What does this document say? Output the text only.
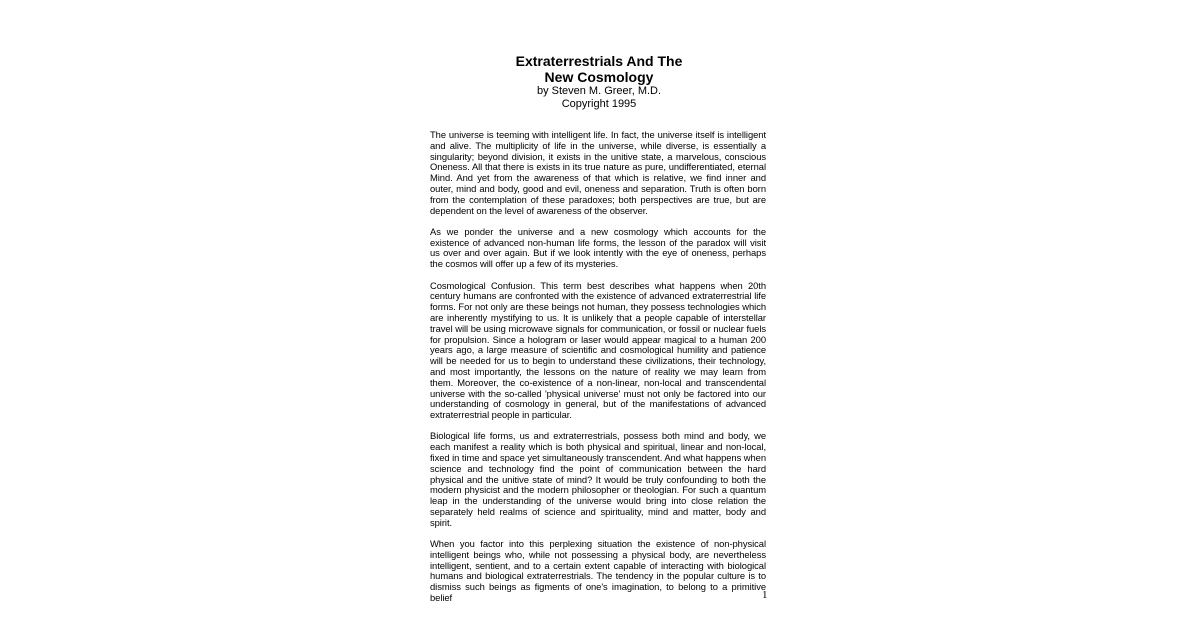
Extraterrestrials And The

New Cosmology

by Steven M. Greer, M.D.

Copyright 1995

The universe is teeming with intelligent life. In fact, the universe itself is intelligent and alive. The multiplicity of life in the universe, while diverse, is essentially a singularity; beyond division, it exists in the unitive state, a marvelous, conscious Oneness. All that there is exists in its true nature as pure, undifferentiated, eternal Mind. And yet from the awareness of that which is relative, we find inner and outer, mind and body, good and evil, oneness and separation. Truth is often born from the contemplation of these paradoxes; both perspectives are true, but are dependent on the level of awareness of the observer.

As we ponder the universe and a new cosmology which accounts for the existence of advanced non-human life forms, the lesson of the paradox will visit us over and over again. But if we look intently with the eye of oneness, perhaps the cosmos will offer up a few of its mysteries.

Cosmological Confusion. This term best describes what happens when 20th century humans are confronted with the existence of advanced extraterrestrial life forms. For not only are these beings not human, they possess technologies which are inherently mystifying to us. It is unlikely that a people capable of interstellar travel will be using microwave signals for communication, or fossil or nuclear fuels for propulsion. Since a hologram or laser would appear magical to a human 200 years ago, a large measure of scientific and cosmological humility and patience will be needed for us to begin to understand these civilizations, their technology, and most importantly, the lessons on the nature of reality we may learn from them. Moreover, the co-existence of a non-linear, non-local and transcendental universe with the so-called 'physical universe' must not only be factored into our understanding of cosmology in general, but of the manifestations of advanced extraterrestrial people in particular.

Biological life forms, us and extraterrestrials, possess both mind and body, we each manifest a reality which is both physical and spiritual, linear and non-local, fixed in time and space yet simultaneously transcendent. And what happens when science and technology find the point of communication between the hard physical and the unitive state of mind? It would be truly confounding to both the modern physicist and the modern philosopher or theologian. For such a quantum leap in the understanding of the universe would bring into close relation the separately held realms of science and spirituality, mind and matter, body and spirit.

When you factor into this perplexing situation the existence of non-physical intelligent beings who, while not possessing a physical body, are nevertheless intelligent, sentient, and to a certain extent capable of interacting with biological humans and biological extraterrestrials. The tendency in the popular culture is to dismiss such beings as figments of one's imagination, to belong to a primitive belief	1
